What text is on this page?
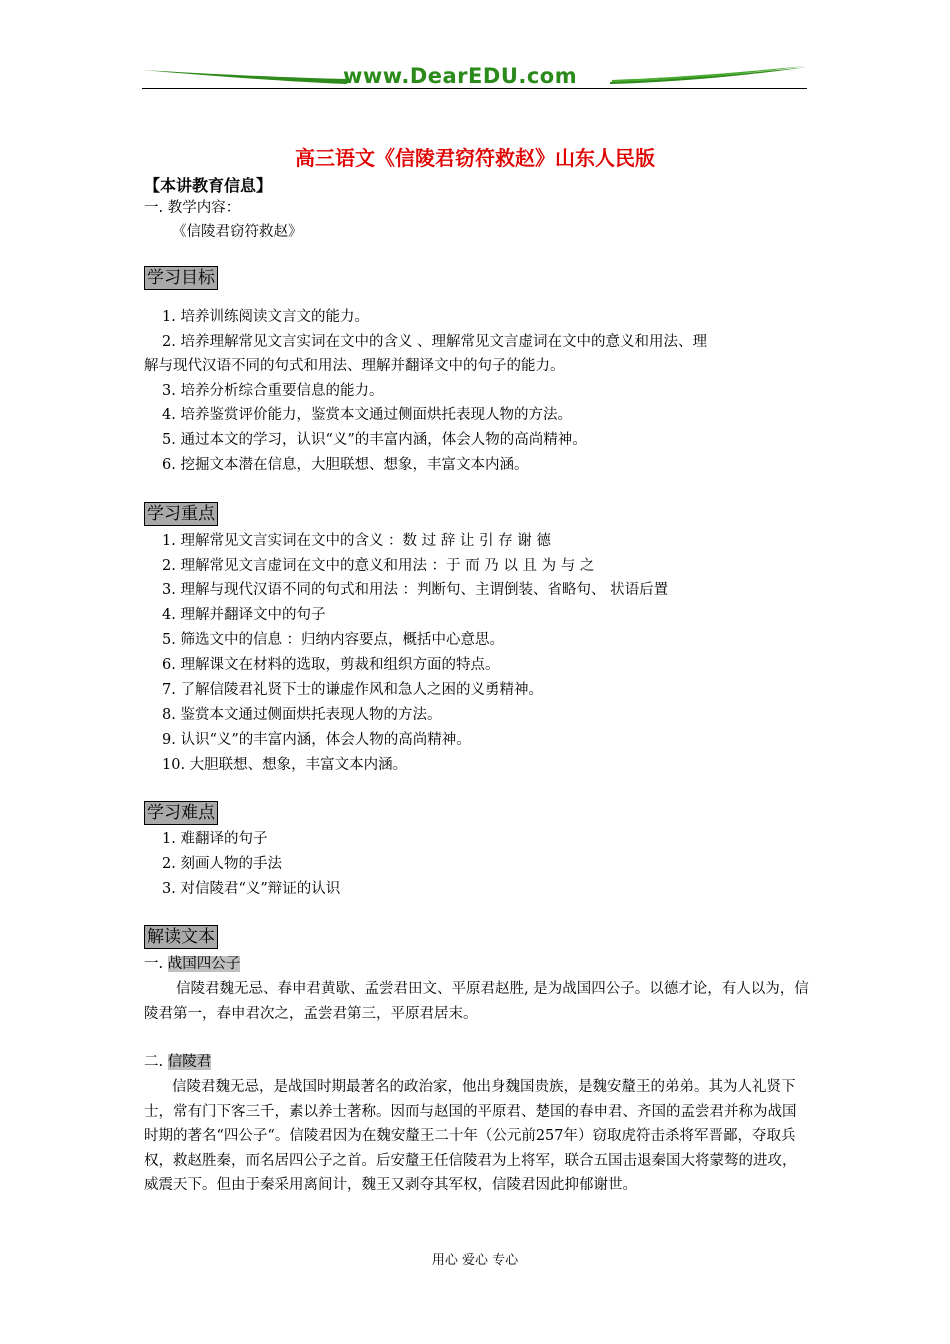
www.DearEDU.com
高三语文《信陵君窃符救赵》山东人民版
【本讲教育信息】
一. 教学内容：
《信陵君窃符救赵》
学习目标
1. 培养训练阅读文言文的能力。
2. 培养理解常见文言实词在文中的含义 、理解常见文言虚词在文中的意义和用法、理
解与现代汉语不同的句式和用法、理解并翻译文中的句子的能力。
3. 培养分析综合重要信息的能力。
4. 培养鉴赏评价能力，鉴赏本文通过侧面烘托表现人物的方法。
5. 通过本文的学习，认识“义”的丰富内涵，体会人物的高尚精神。
6. 挖掘文本潜在信息，大胆联想、想象，丰富文本内涵。
学习重点
1. 理解常见文言实词在文中的含义 ：数 过 辞 让 引 存 谢 德
2. 理解常见文言虚词在文中的意义和用法 ：于 而 乃 以 且 为 与 之
3. 理解与现代汉语不同的句式和用法 ：判断句、主谓倒装、省略句、 状语后置
4. 理解并翻译文中的句子
5. 筛选文中的信息 ：归纳内容要点，概括中心意思。
6. 理解课文在材料的选取，剪裁和组织方面的特点。
7. 了解信陵君礼贤下士的谦虚作风和急人之困的义勇精神。
8. 鉴赏本文通过侧面烘托表现人物的方法。
9. 认识“义”的丰富内涵，体会人物的高尚精神。
10. 大胆联想、想象，丰富文本内涵。
学习难点
1. 难翻译的句子
2. 刻画人物的手法
3. 对信陵君“义”辩证的认识
解读文本
一. 战国四公子
信陵君魏无忌、春申君黄歇、孟尝君田文、平原君赵胜, 是为战国四公子。以德才论，有人以为，信陵君第一，春申君次之，孟尝君第三，平原君居末。
二. 信陵君
信陵君魏无忌，是战国时期最著名的政治家，他出身魏国贵族，是魏安釐王的弟弟。其为人礼贤下士，常有门下客三千，素以养士著称。因而与赵国的平原君、楚国的春申君、齐国的孟尝君并称为战国时期的著名“四公子“。信陵君因为在魏安釐王二十年（公元前257年）窃取虎符击杀将军晋鄙，夺取兵权，救赵胜秦，而名居四公子之首。后安釐王任信陵君为上将军，联合五国击退秦国大将蒙骜的进攻，威震天下。但由于秦采用离间计，魏王又剥夺其军权，信陵君因此抑郁谢世。
用心 爱心 专心
